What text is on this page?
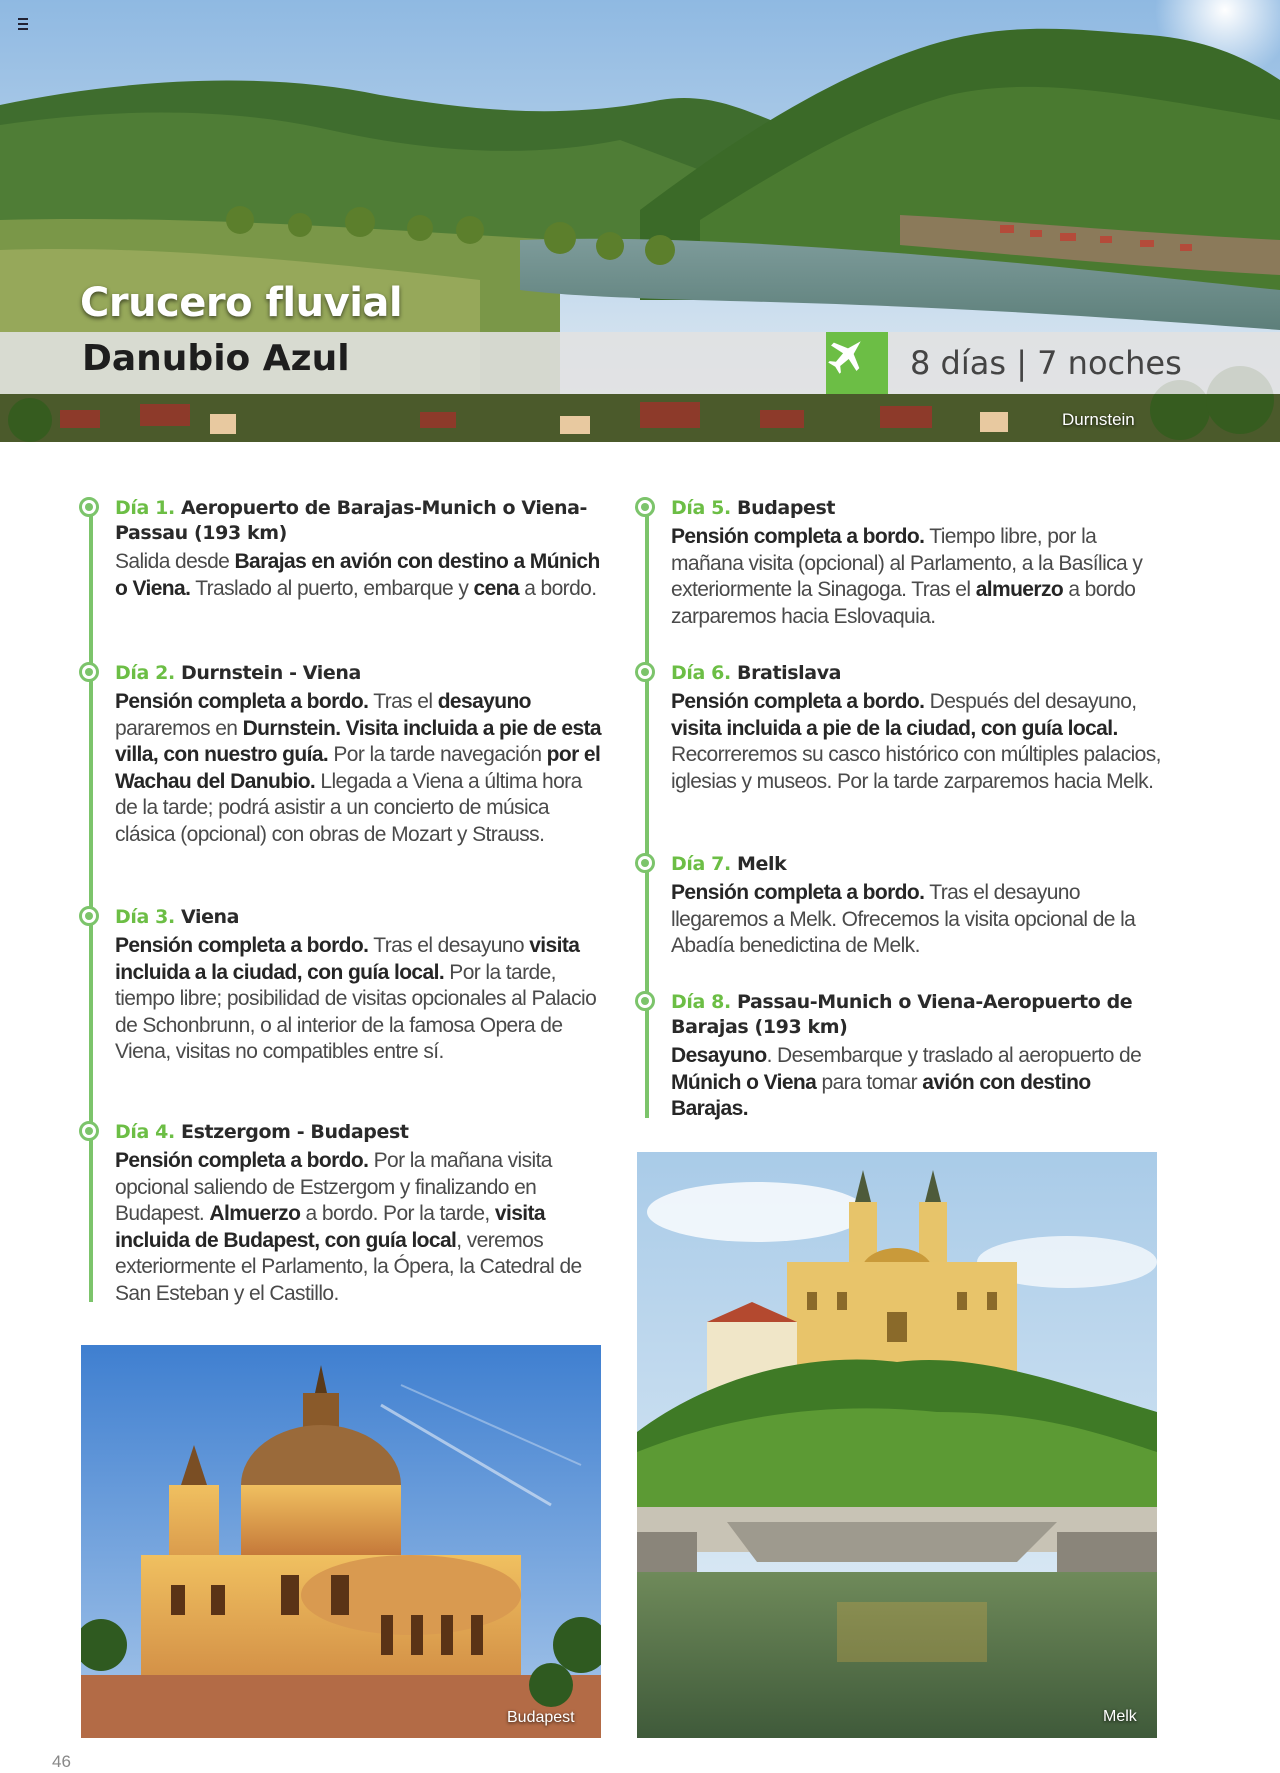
Crucero fluvial
Danubio Azul	8 días | 7 noches
Durnstein
Día 1. Aeropuerto de Barajas-Munich o Viena-Passau (193 km)
Salida desde Barajas en avión con destino a Múnich o Viena. Traslado al puerto, embarque y cena a bordo.
Día 2. Durnstein - Viena
Pensión completa a bordo. Tras el desayuno pararemos en Durnstein. Visita incluida a pie de esta villa, con nuestro guía. Por la tarde navegación por el Wachau del Danubio. Llegada a Viena a última hora de la tarde; podrá asistir a un concierto de música clásica (opcional) con obras de Mozart y Strauss.
Día 3. Viena
Pensión completa a bordo. Tras el desayuno visita incluida a la ciudad, con guía local. Por la tarde, tiempo libre; posibilidad de visitas opcionales al Palacio de Schonbrunn, o al interior de la famosa Opera de Viena, visitas no compatibles entre sí.
Día 4. Estzergom - Budapest
Pensión completa a bordo. Por la mañana visita opcional saliendo de Estzergom y finalizando en Budapest. Almuerzo a bordo. Por la tarde, visita incluida de Budapest, con guía local, veremos exteriormente el Parlamento, la Ópera, la Catedral de San Esteban y el Castillo.
Día 5. Budapest
Pensión completa a bordo. Tiempo libre, por la mañana visita (opcional) al Parlamento, a la Basílica y exteriormente la Sinagoga. Tras el almuerzo a bordo zarparemos hacia Eslovaquia.
Día 6. Bratislava
Pensión completa a bordo. Después del desayuno, visita incluida a pie de la ciudad, con guía local. Recorreremos su casco histórico con múltiples palacios, iglesias y museos. Por la tarde zarparemos hacia Melk.
Día 7. Melk
Pensión completa a bordo. Tras el desayuno llegaremos a Melk. Ofrecemos la visita opcional de la Abadía benedictina de Melk.
Día 8. Passau-Munich o Viena-Aeropuerto de Barajas (193 km)
Desayuno. Desembarque y traslado al aeropuerto de Múnich o Viena para tomar avión con destino Barajas.
Budapest	Melk
46
